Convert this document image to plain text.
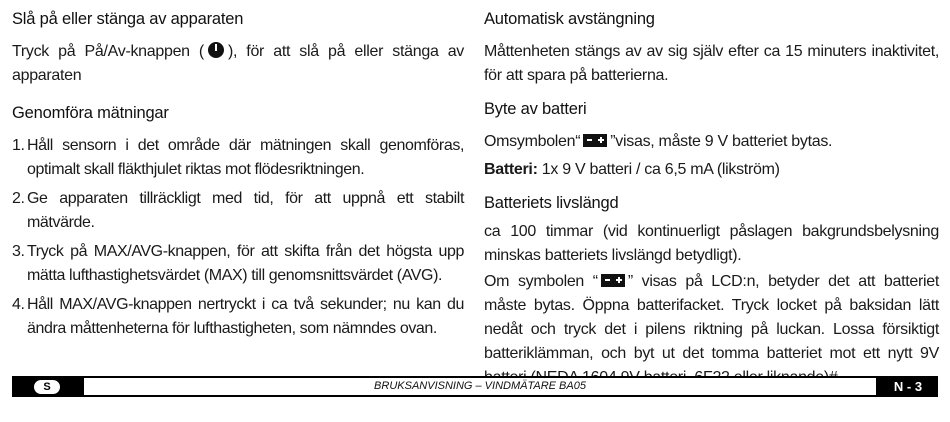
Slå på eller stänga av apparaten
Tryck på På/Av-knappen ( ), för att slå på eller stänga av apparaten
Genomföra mätningar
1. Håll sensorn i det område där mätningen skall genomföras, optimalt skall fläkthjulet riktas mot flödesriktningen.
2. Ge apparaten tillräckligt med tid, för att uppnå ett stabilt mätvärde.
3. Tryck på MAX/AVG-knappen, för att skifta från det högsta upp mätta lufthastighetsvärdet (MAX) till genomsnittsvärdet (AVG).
4. Håll MAX/AVG-knappen nertryckt i ca två sekunder; nu kan du ändra måttenheterna för lufthastigheten, som nämndes ovan.
Automatisk avstängning
Måttenheten stängs av av sig själv efter ca 15 minuters inaktivitet, för att spara på batterierna.
Byte av batteri
Omsymbolen“ ”visas, måste 9 V batteriet bytas.
Batteri: 1x 9 V batteri / ca 6,5 mA (likström)
Batteriets livslängd
ca 100 timmar (vid kontinuerligt påslagen bakgrundsbelysning minskas batteriets livslängd betydligt).
Om symbolen “ ” visas på LCD:n, betyder det att batteriet måste bytas. Öppna batterifacket. Tryck locket på baksidan lätt nedåt och tryck det i pilens riktning på luckan. Lossa försiktigt batteriklämman, och byt ut det tomma batteriet mot ett nytt 9V
S	BRUKSANVISNING – VINDMÄTARE BA05	N - 3
